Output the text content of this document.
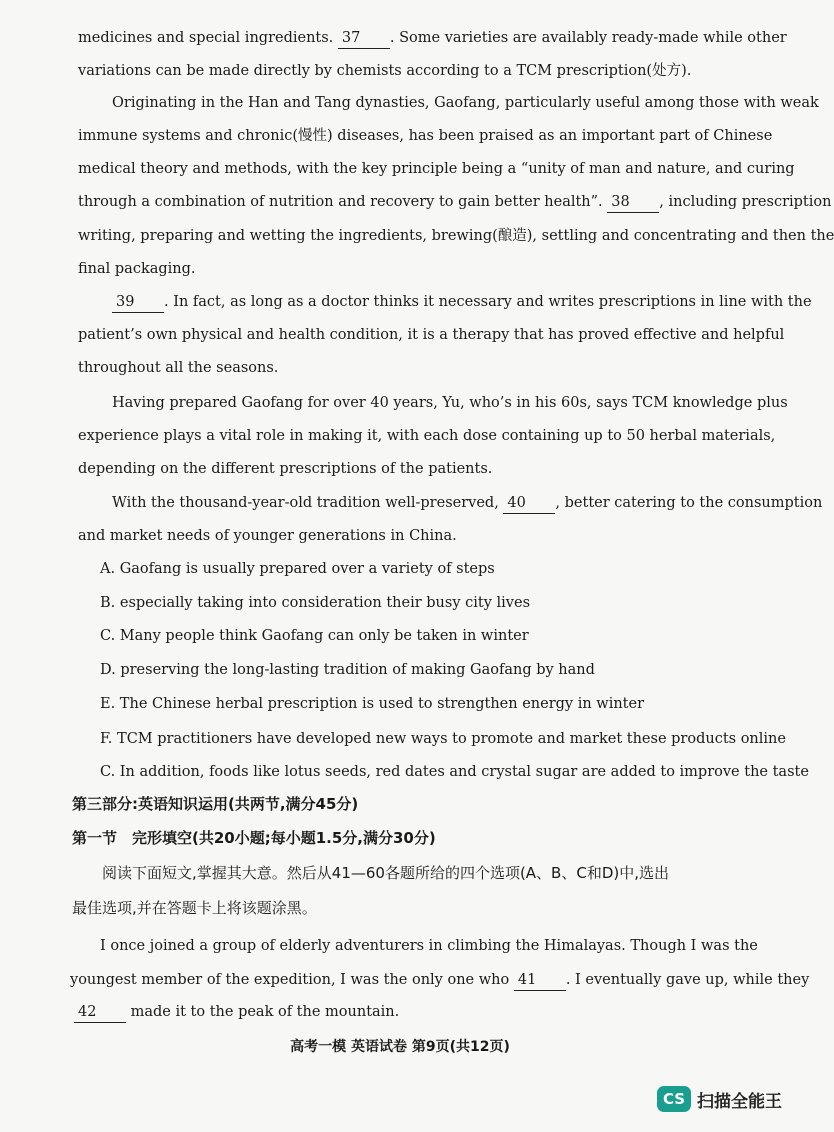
medicines and special ingredients. 37 . Some varieties are availably ready-made while other
variations can be made directly by chemists according to a TCM prescription(处方).
Originating in the Han and Tang dynasties, Gaofang, particularly useful among those with weak
immune systems and chronic(慢性) diseases, has been praised as an important part of Chinese
medical theory and methods, with the key principle being a “unity of man and nature, and curing
through a combination of nutrition and recovery to gain better health”. 38 , including prescription
writing, preparing and wetting the ingredients, brewing(酿造), settling and concentrating and then the
final packaging.
39 . In fact, as long as a doctor thinks it necessary and writes prescriptions in line with the
patient’s own physical and health condition, it is a therapy that has proved effective and helpful
throughout all the seasons.
Having prepared Gaofang for over 40 years, Yu, who’s in his 60s, says TCM knowledge plus
experience plays a vital role in making it, with each dose containing up to 50 herbal materials,
depending on the different prescriptions of the patients.
With the thousand-year-old tradition well-preserved, 40 , better catering to the consumption
and market needs of younger generations in China.
A. Gaofang is usually prepared over a variety of steps
B. especially taking into consideration their busy city lives
C. Many people think Gaofang can only be taken in winter
D. preserving the long-lasting tradition of making Gaofang by hand
E. The Chinese herbal prescription is used to strengthen energy in winter
F. TCM practitioners have developed new ways to promote and market these products online
C. In addition, foods like lotus seeds, red dates and crystal sugar are added to improve the taste
第三部分:英语知识运用(共两节,满分45分)
第一节　完形填空(共20小题;每小题1.5分,满分30分)
阅读下面短文,掌握其大意。然后从41—60各题所给的四个选项(A、B、C和D)中,选出
最佳选项,并在答题卡上将该题涂黑。
I once joined a group of elderly adventurers in climbing the Himalayas. Though I was the
youngest member of the expedition, I was the only one who 41 . I eventually gave up, while they
42 made it to the peak of the mountain.
高考一模 英语试卷 第9页(共12页)
CS 扫描全能王
